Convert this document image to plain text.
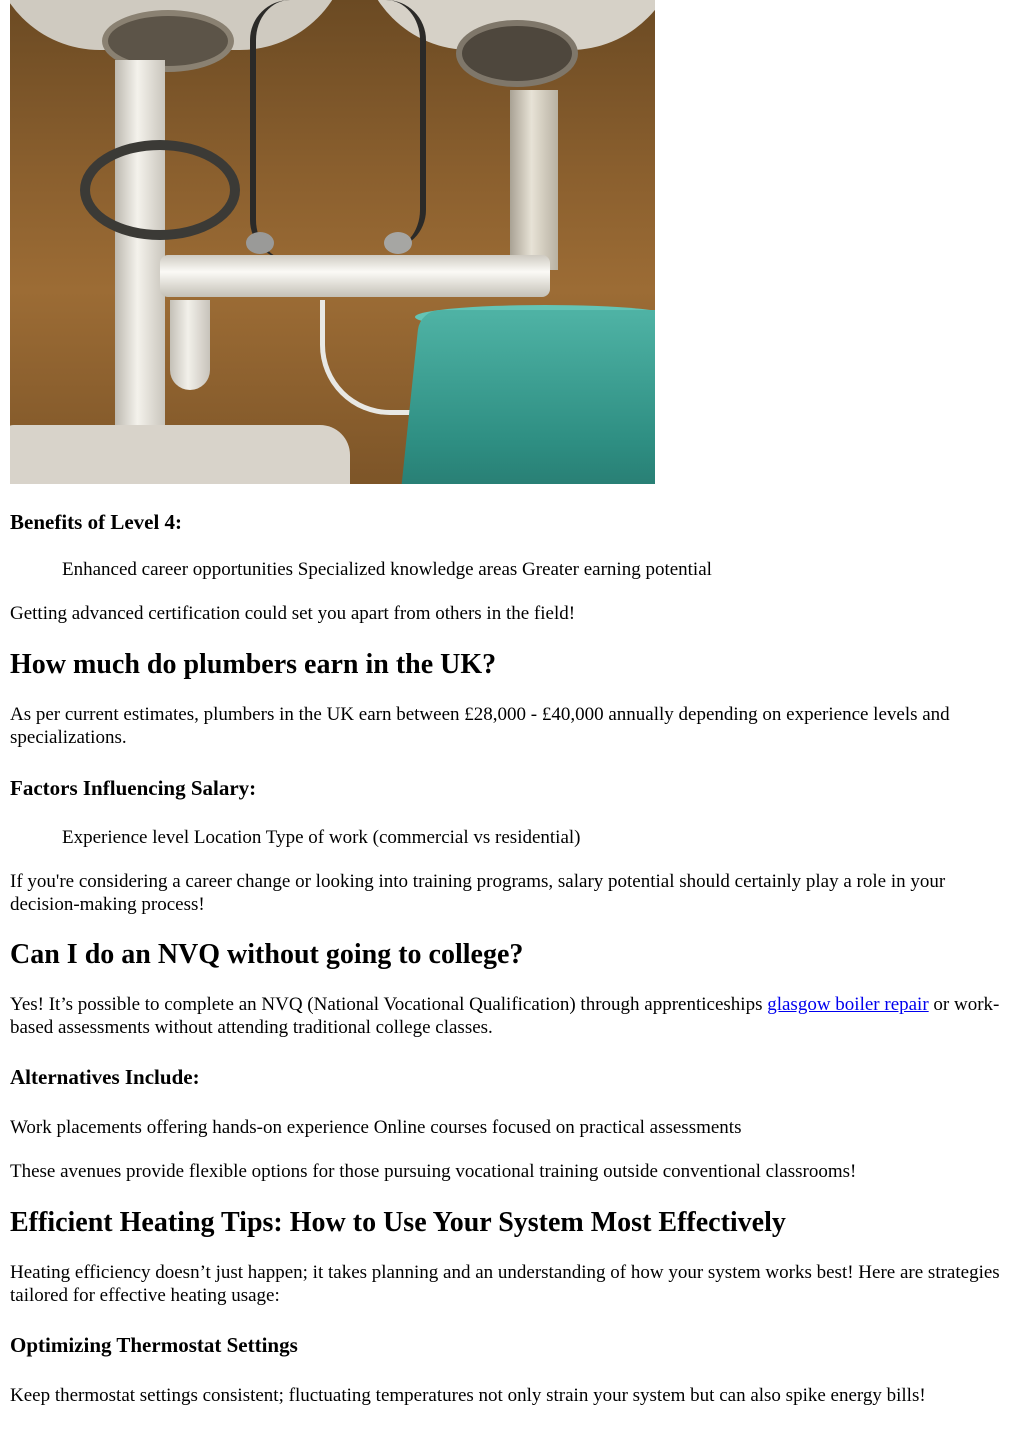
Benefits of Level 4:

Enhanced career opportunities Specialized knowledge areas Greater earning potential

Getting advanced certification could set you apart from others in the field!

How much do plumbers earn in the UK?

As per current estimates, plumbers in the UK earn between £28,000 - £40,000 annually depending on experience levels and specializations.

Factors Influencing Salary:

Experience level Location Type of work (commercial vs residential)

If you're considering a career change or looking into training programs, salary potential should certainly play a role in your decision-making process!

Can I do an NVQ without going to college?

Yes! It’s possible to complete an NVQ (National Vocational Qualification) through apprenticeships glasgow boiler repair or work-based assessments without attending traditional college classes.

Alternatives Include:

Work placements offering hands-on experience Online courses focused on practical assessments

These avenues provide flexible options for those pursuing vocational training outside conventional classrooms!

Efficient Heating Tips: How to Use Your System Most Effectively

Heating efficiency doesn’t just happen; it takes planning and an understanding of how your system works best! Here are strategies tailored for effective heating usage:

Optimizing Thermostat Settings

Keep thermostat settings consistent; fluctuating temperatures not only strain your system but can also spike energy bills!
